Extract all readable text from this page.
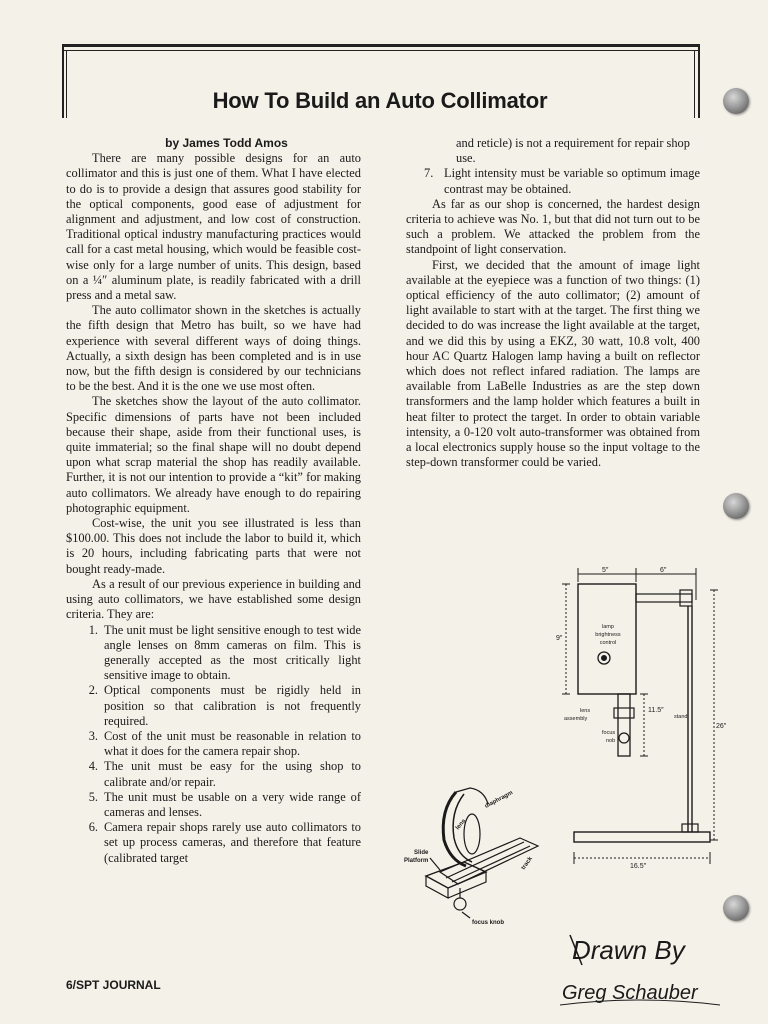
How To Build an Auto Collimator

by James Todd Amos

There are many possible designs for an auto collimator and this is just one of them. What I have elected to do is to provide a design that assures good stability for the optical components, good ease of adjustment for alignment and adjustment, and low cost of construction. Traditional optical industry manufacturing practices would call for a cast metal housing, which would be feasible cost-wise only for a large number of units. This design, based on a ¼″ aluminum plate, is readily fabricated with a drill press and a metal saw.

The auto collimator shown in the sketches is actually the fifth design that Metro has built, so we have had experience with several different ways of doing things. Actually, a sixth design has been completed and is in use now, but the fifth design is considered by our technicians to be the best. And it is the one we use most often.

The sketches show the layout of the auto collimator. Specific dimensions of parts have not been included because their shape, aside from their functional uses, is quite immaterial; so the final shape will no doubt depend upon what scrap material the shop has readily available. Further, it is not our intention to provide a “kit” for making auto collimators. We already have enough to do repairing photographic equipment.

Cost-wise, the unit you see illustrated is less than $100.00. This does not include the labor to build it, which is 20 hours, including fabricating parts that were not bought ready-made.

As a result of our previous experience in building and using auto collimators, we have established some design criteria. They are:

1. The unit must be light sensitive enough to test wide angle lenses on 8mm cameras on film. This is generally accepted as the most critically light sensitive image to obtain.
2. Optical components must be rigidly held in position so that calibration is not frequently required.
3. Cost of the unit must be reasonable in relation to what it does for the camera repair shop.
4. The unit must be easy for the using shop to calibrate and/or repair.
5. The unit must be usable on a very wide range of cameras and lenses.
6. Camera repair shops rarely use auto collimators to set up process cameras, and therefore that feature (calibrated target
and reticle) is not a requirement for repair shop use.
7. Light intensity must be variable so optimum image contrast may be obtained.

As far as our shop is concerned, the hardest design criteria to achieve was No. 1, but that did not turn out to be such a problem. We attacked the problem from the standpoint of light conservation.

First, we decided that the amount of image light available at the eyepiece was a function of two things: (1) optical efficiency of the auto collimator; (2) amount of light available to start with at the target. The first thing we decided to do was increase the light available at the target, and we did this by using a EKZ, 30 watt, 10.8 volt, 400 hour AC Quartz Halogen lamp having a built on reflector which does not reflect infared radiation. The lamps are available from LaBelle Industries as are the step down transformers and the lamp holder which features a built in heat filter to protect the target. In order to obtain variable intensity, a 0-120 volt auto-transformer was obtained from a local electronics supply house so the input voltage to the step-down transformer could be varied.

5″	6″
9″
lamp
brightness
control
lens
assembly
focus
nob
11.5″
stand
26″
16.5″
diaphragm
lens
Slide
Platform	track
focus knob
Drawn By
Greg Schauber
6/SPT JOURNAL
